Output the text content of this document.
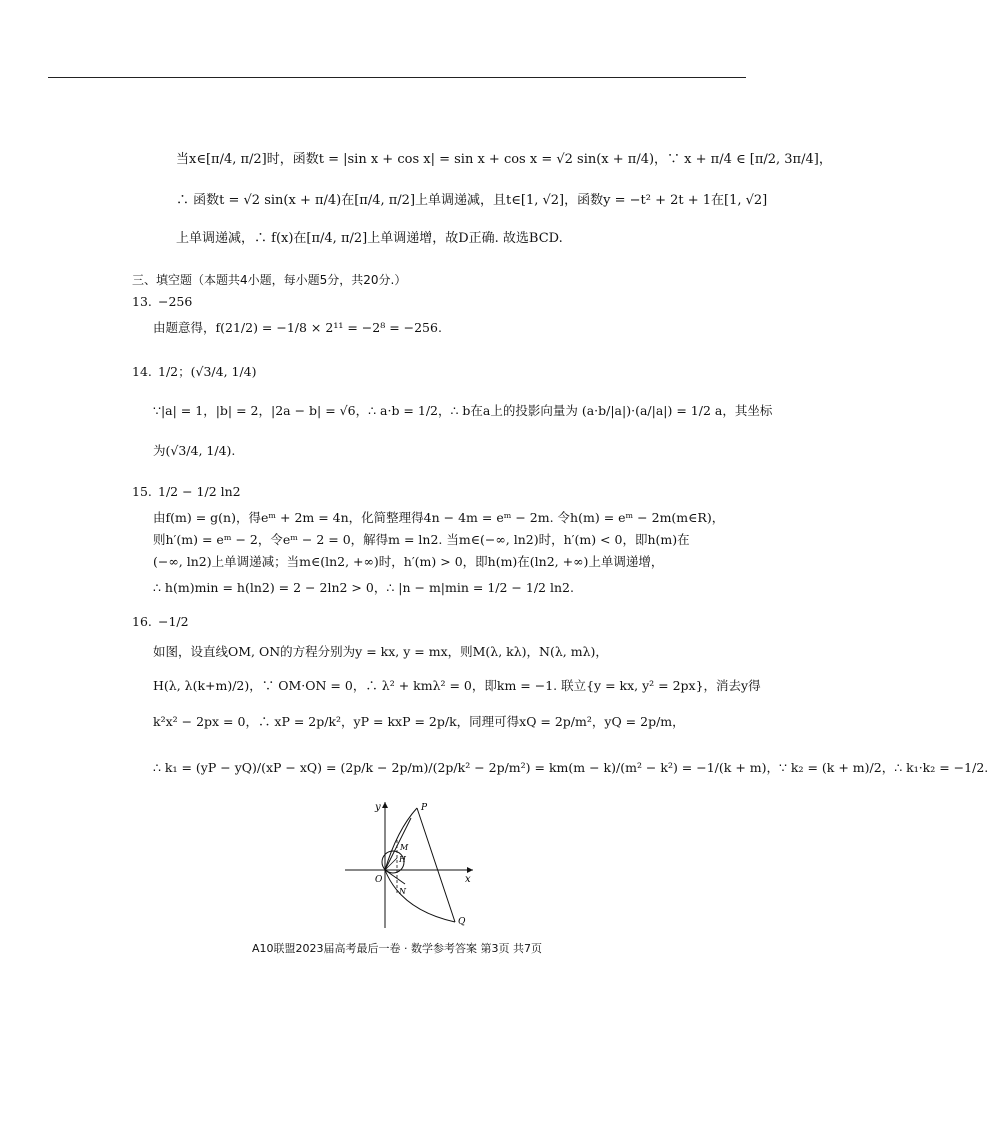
当x∈[π/4, π/2]时，函数t = |sin x + cos x| = sin x + cos x = √2 sin(x + π/4)，∵ x + π/4 ∈ [π/2, 3π/4]，
∴ 函数t = √2 sin(x + π/4)在[π/4, π/2]上单调递减，且t∈[1, √2]，函数y = −t² + 2t + 1在[1, √2]
上单调递减，∴ f(x)在[π/4, π/2]上单调递增，故D正确. 故选BCD.
三、填空题（本题共4小题，每小题5分，共20分.）
13. −256
由题意得，f(21/2) = −1/8 × 2¹¹ = −2⁸ = −256.
14. 1/2；(√3/4, 1/4)
∵|a| = 1，|b| = 2，|2a − b| = √6，∴ a·b = 1/2，∴ b在a上的投影向量为 (a·b/|a|)·(a/|a|) = 1/2 a，其坐标
为(√3/4, 1/4).
15. 1/2 − 1/2 ln2
由f(m) = g(n)，得eᵐ + 2m = 4n，化简整理得4n − 4m = eᵐ − 2m. 令h(m) = eᵐ − 2m(m∈R)，
则h′(m) = eᵐ − 2，令eᵐ − 2 = 0，解得m = ln2. 当m∈(−∞, ln2)时，h′(m) < 0，即h(m)在
(−∞, ln2)上单调递减；当m∈(ln2, +∞)时，h′(m) > 0，即h(m)在(ln2, +∞)上单调递增，
∴ h(m)min = h(ln2) = 2 − 2ln2 > 0，∴ |n − m|min = 1/2 − 1/2 ln2.
16. −1/2
如图，设直线OM, ON的方程分别为y = kx, y = mx，则M(λ, kλ)，N(λ, mλ)，
H(λ, λ(k+m)/2)，∵ OM·ON = 0，∴ λ² + kmλ² = 0，即km = −1. 联立{y = kx, y² = 2px}，消去y得
k²x² − 2px = 0，∴ xP = 2p/k²，yP = kxP = 2p/k，同理可得xQ = 2p/m²，yQ = 2p/m，
∴ k₁ = (yP − yQ)/(xP − xQ) = (2p/k − 2p/m)/(2p/k² − 2p/m²) = km(m − k)/(m² − k²) = −1/(k + m)，∵ k₂ = (k + m)/2，∴ k₁·k₂ = −1/2.
y
x
O
P
Q
M
H
N
A10联盟2023届高考最后一卷 · 数学参考答案 第3页 共7页
